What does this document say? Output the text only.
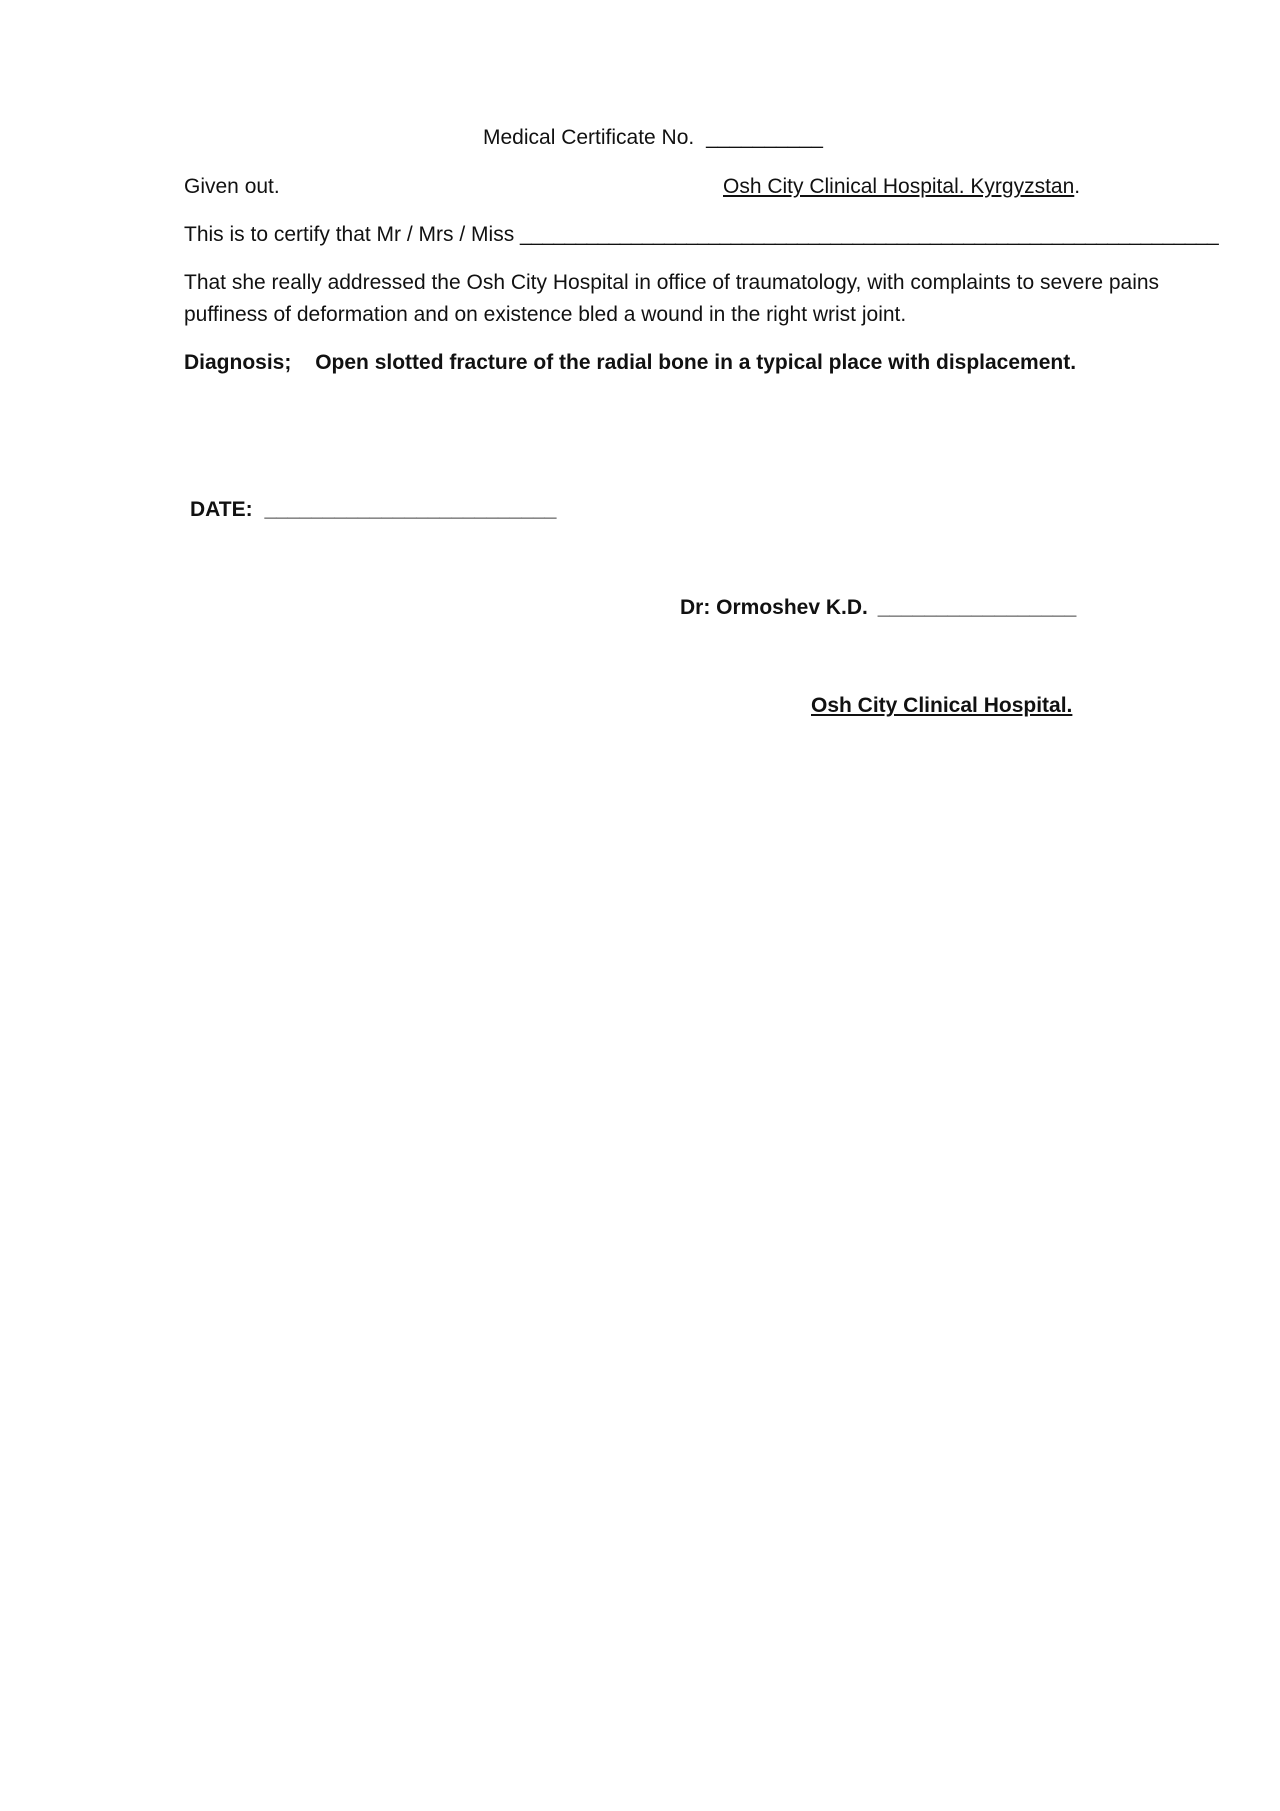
Medical Certificate No. __________
Given out.	Osh City Clinical Hospital. Kyrgyzstan.
This is to certify that Mr / Mrs / Miss _______________________________________________________________
That she really addressed the Osh City Hospital in office of traumatology, with complaints to severe pains puffiness of deformation and on existence bled a wound in the right wrist joint.
Diagnosis; Open slotted fracture of the radial bone in a typical place with displacement.
DATE: _________________________
Dr: Ormoshev K.D. _________________
Osh City Clinical Hospital.
